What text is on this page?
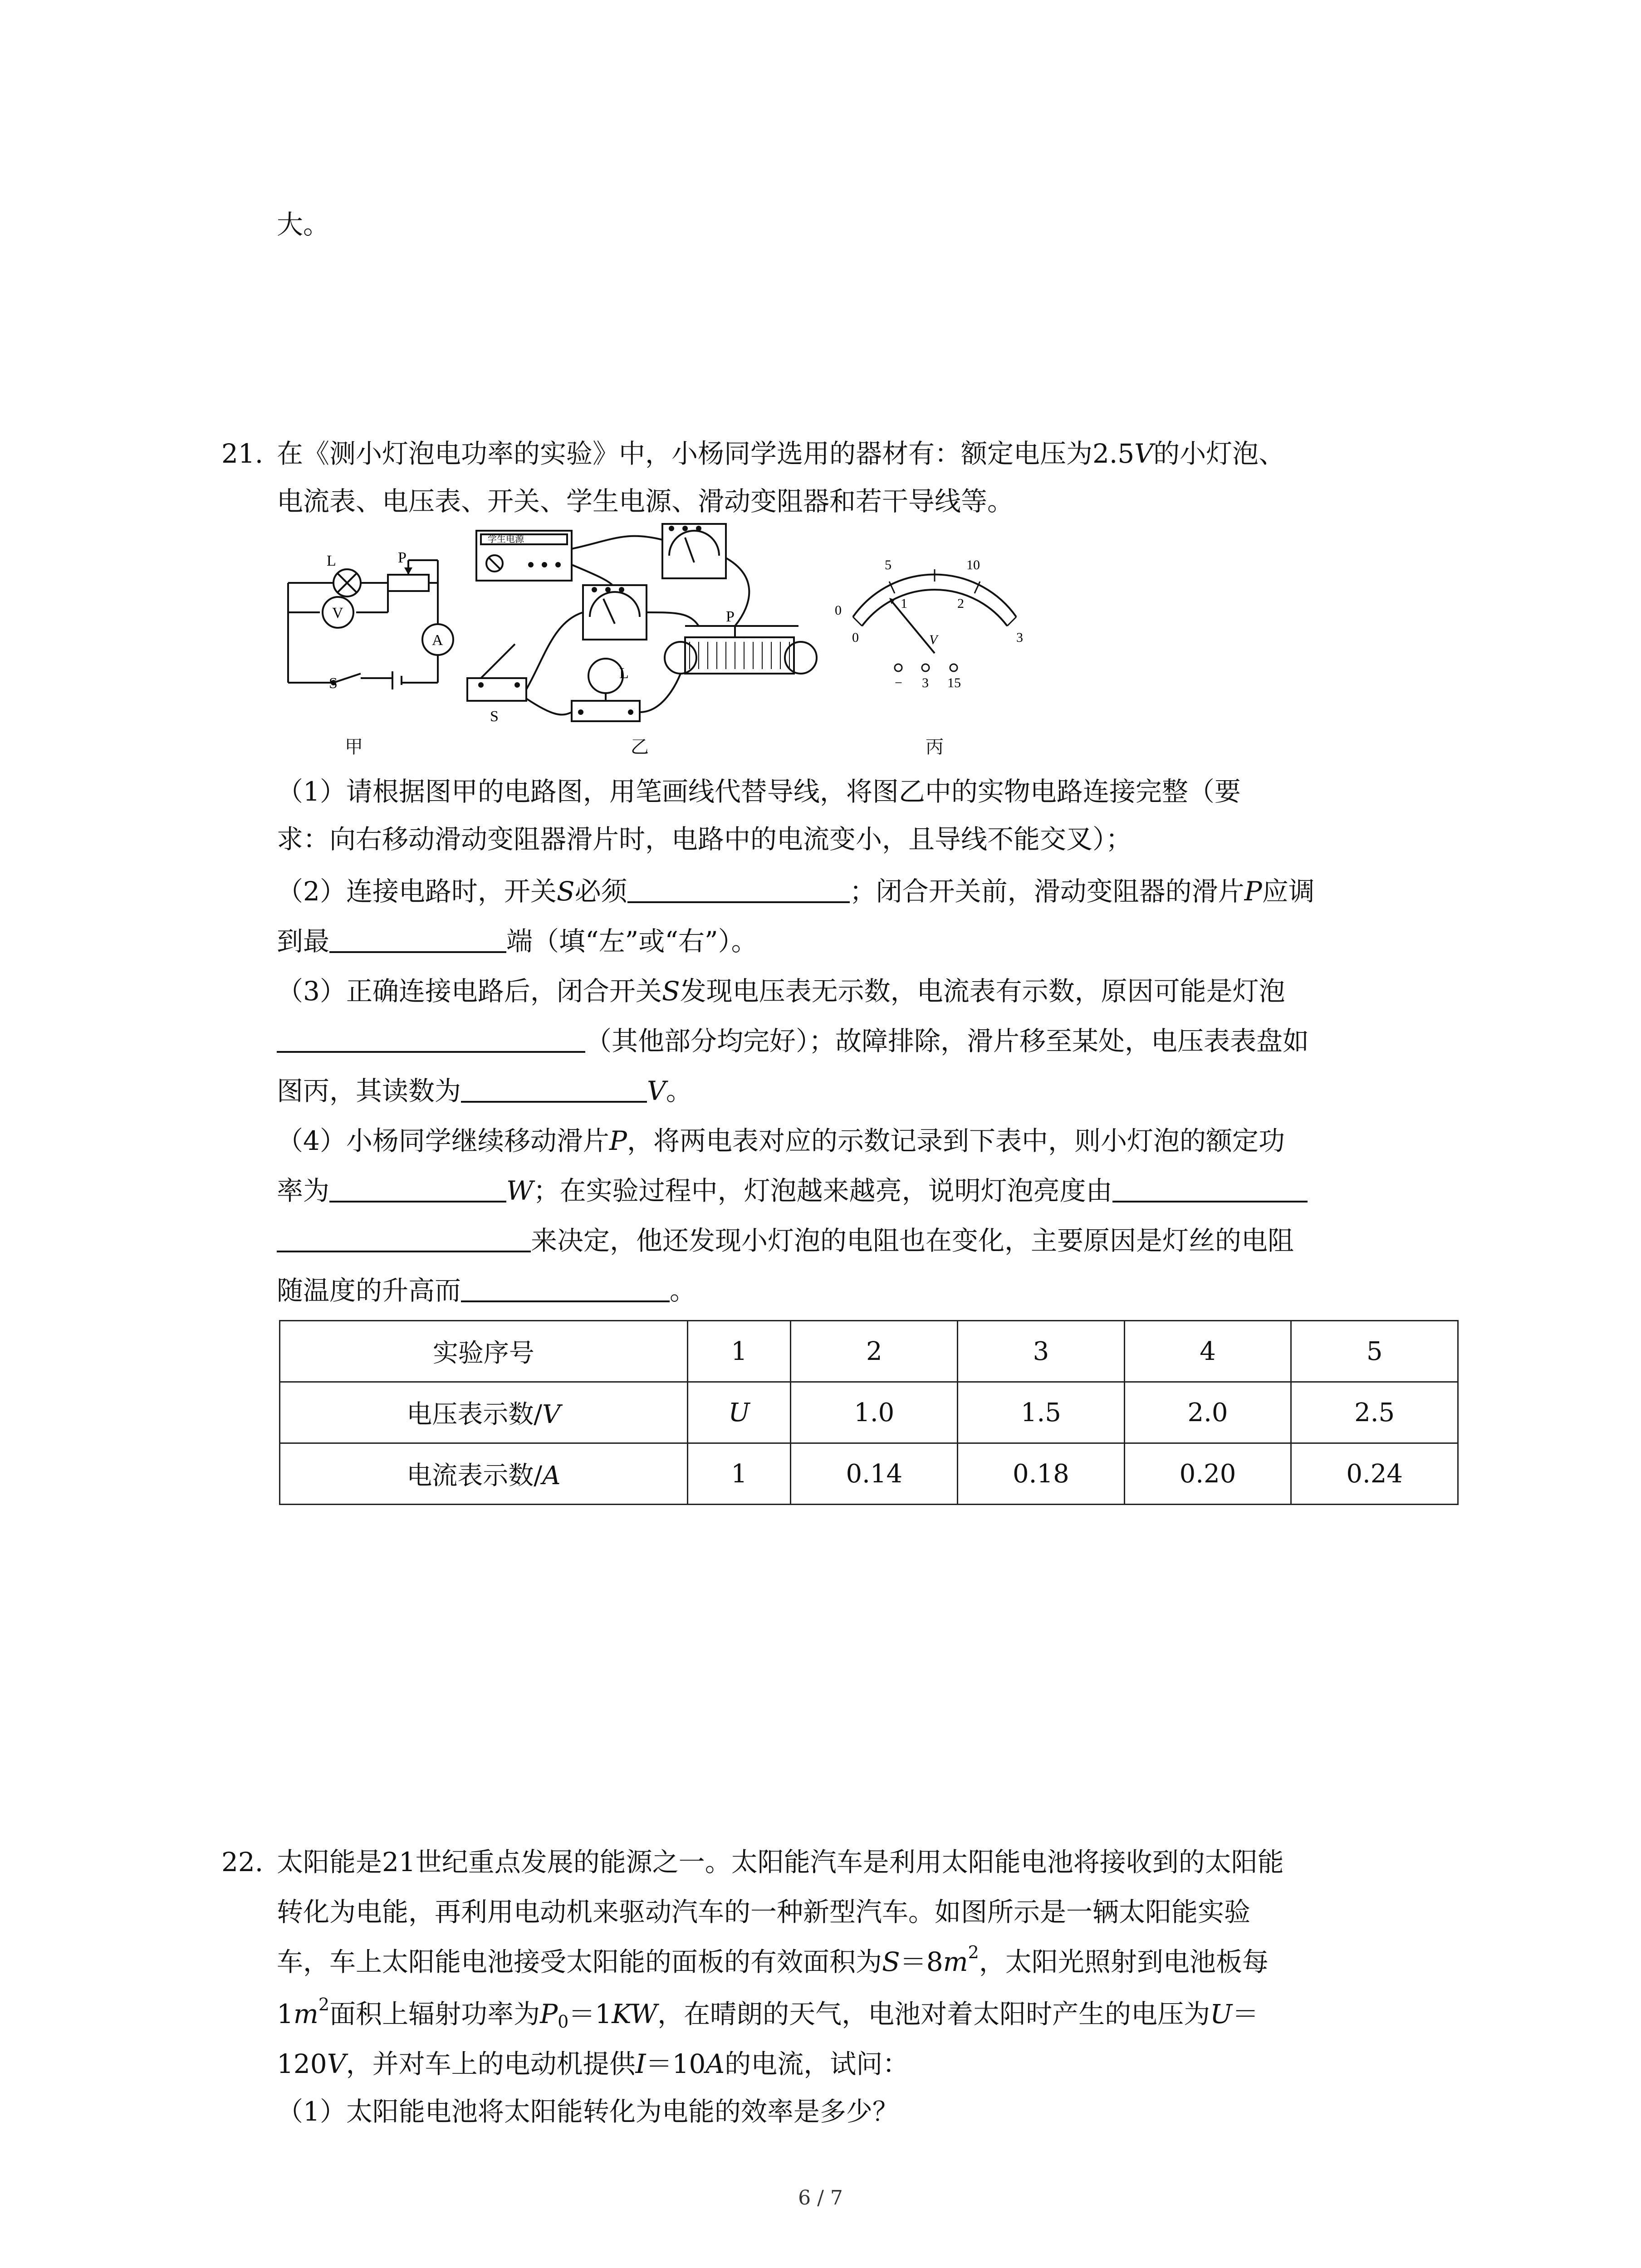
大。
21. 在《测小灯泡电功率的实验》中，小杨同学选用的器材有：额定电压为2.5V的小灯泡、
电流表、电压表、开关、学生电源、滑动变阻器和若干导线等。
L	P
V
A
S
甲
学生电源
P
L
S
乙
0
5	10
0
1	2
3
V
− 3 15
丙
（1）请根据图甲的电路图，用笔画线代替导线，将图乙中的实物电路连接完整（要
求：向右移动滑动变阻器滑片时，电路中的电流变小，且导线不能交叉）；
（2）连接电路时，开关S必须	；闭合开关前，滑动变阻器的滑片P应调
到最	端（填“左”或“右”）。
（3）正确连接电路后，闭合开关S发现电压表无示数，电流表有示数，原因可能是灯泡
（其他部分均完好）；故障排除，滑片移至某处，电压表表盘如
图丙，其读数为	V。
（4）小杨同学继续移动滑片P，将两电表对应的示数记录到下表中，则小灯泡的额定功
率为	W；在实验过程中，灯泡越来越亮，说明灯泡亮度由
来决定，他还发现小灯泡的电阻也在变化，主要原因是灯丝的电阻
随温度的升高而	。
实验序号	1	2	3	4	5
电压表示数/V	U	1.0	1.5	2.0	2.5
电流表示数/A	1	0.14	0.18	0.20	0.24
22. 太阳能是21世纪重点发展的能源之一。太阳能汽车是利用太阳能电池将接收到的太阳能
转化为电能，再利用电动机来驱动汽车的一种新型汽车。如图所示是一辆太阳能实验
车，车上太阳能电池接受太阳能的面板的有效面积为$S=8m^2$，太阳光照射到电池板每
$1m^2$面积上辐射功率为$P_0=1KW$，在晴朗的天气，电池对着太阳时产生的电压为U＝
120V，并对车上的电动机提供I＝10A的电流，试问：
（1）太阳能电池将太阳能转化为电能的效率是多少？
6 / 7
